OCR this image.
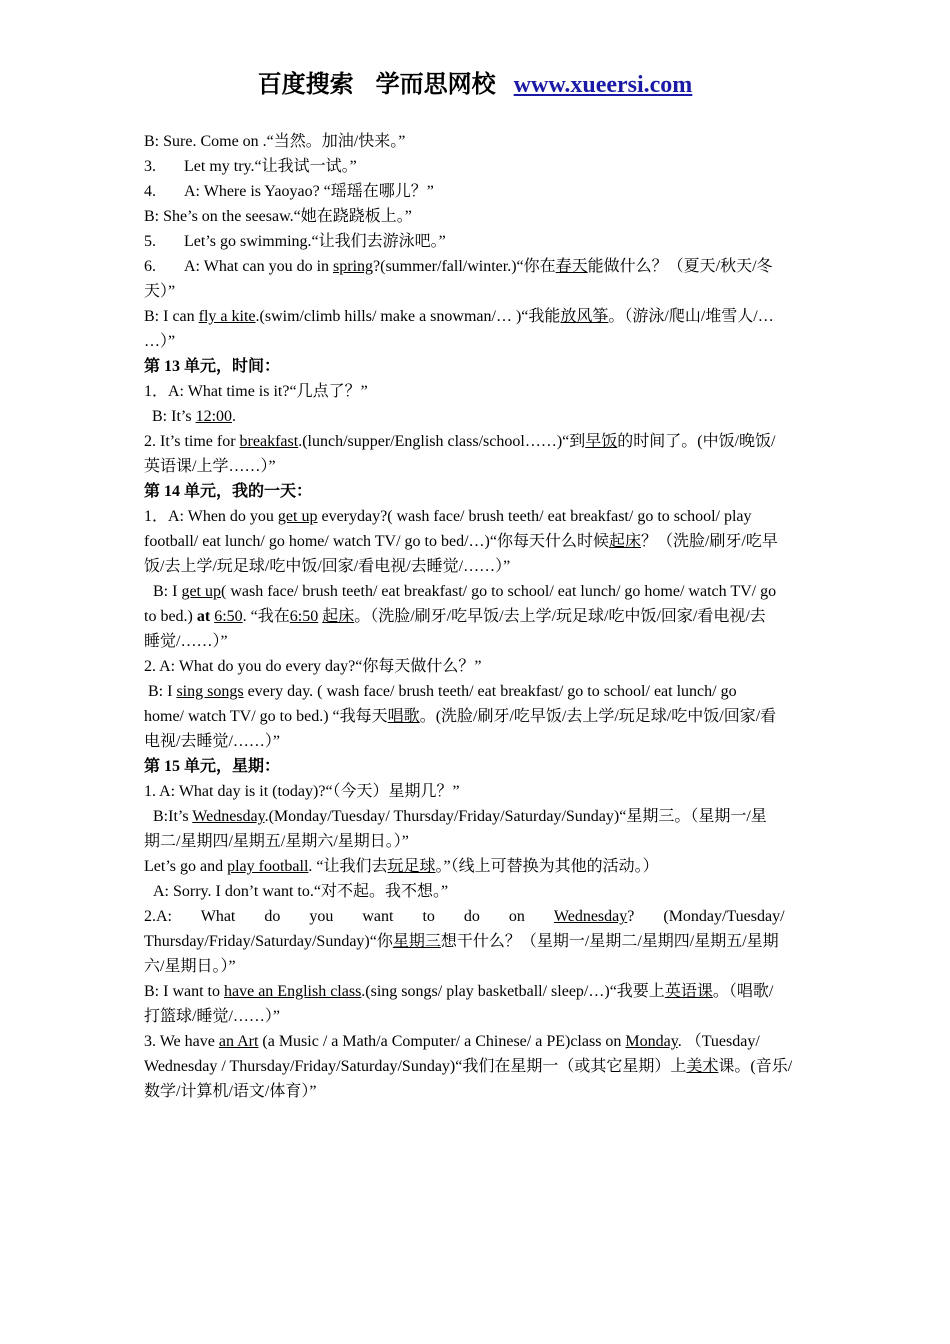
百度搜索 学而思网校 www.xueersi.com
B: Sure. Come on .“当然。加油/快来。”
3. Let my try.“让我试一试。”
4. A: Where is Yaoyao? “瑶瑶在哪儿？”
B: She’s on the seesaw.“她在跷跷板上。”
5. Let’s go swimming.“让我们去游泳吧。”
6. A: What can you do in spring?(summer/fall/winter.)“你在春天能做什么？（夏天/秋天/冬
天）”
B: I can fly a kite.(swim/climb hills/ make a snowman/… )“我能放风筝。（游泳/爬山/堆雪人/…
…）”
第 13 单元，时间：
1．A: What time is it?“几点了？”
B: It’s 12:00.
2. It’s time for breakfast.(lunch/supper/English class/school……)“到早饭的时间了。(中饭/晚饭/
英语课/上学……）”
第 14 单元，我的一天：
1．A: When do you get up everyday?( wash face/ brush teeth/ eat breakfast/ go to school/ play
football/ eat lunch/ go home/ watch TV/ go to bed/…)“你每天什么时候起床？（洗脸/刷牙/吃早
饭/去上学/玩足球/吃中饭/回家/看电视/去睡觉/……）”
B: I get up( wash face/ brush teeth/ eat breakfast/ go to school/ eat lunch/ go home/ watch TV/ go
to bed.) at 6:50. “我在6:50 起床。（洗脸/刷牙/吃早饭/去上学/玩足球/吃中饭/回家/看电视/去
睡觉/……）”
2. A: What do you do every day?“你每天做什么？”
B: I sing songs every day. ( wash face/ brush teeth/ eat breakfast/ go to school/ eat lunch/ go
home/ watch TV/ go to bed.) “我每天唱歌。(洗脸/刷牙/吃早饭/去上学/玩足球/吃中饭/回家/看
电视/去睡觉/……）”
第 15 单元，星期：
1. A: What day is it (today)?“（今天）星期几？”
B:It’s Wednesday.(Monday/Tuesday/ Thursday/Friday/Saturday/Sunday)“星期三。（星期一/星
期二/星期四/星期五/星期六/星期日。）”
Let’s go and play football. “让我们去玩足球。”（线上可替换为其他的活动。）
A: Sorry. I don’t want to.“对不起。我不想。”
2.A: What do you want to do on Wednesday? (Monday/Tuesday/
Thursday/Friday/Saturday/Sunday)“你星期三想干什么？（星期一/星期二/星期四/星期五/星期
六/星期日。）”
B: I want to have an English class.(sing songs/ play basketball/ sleep/…)“我要上英语课。（唱歌/
打篮球/睡觉/……）”
3. We have an Art (a Music / a Math/a Computer/ a Chinese/ a PE)class on Monday. （Tuesday/
Wednesday / Thursday/Friday/Saturday/Sunday)“我们在星期一（或其它星期）上美术课。(音乐/
数学/计算机/语文/体育）”
